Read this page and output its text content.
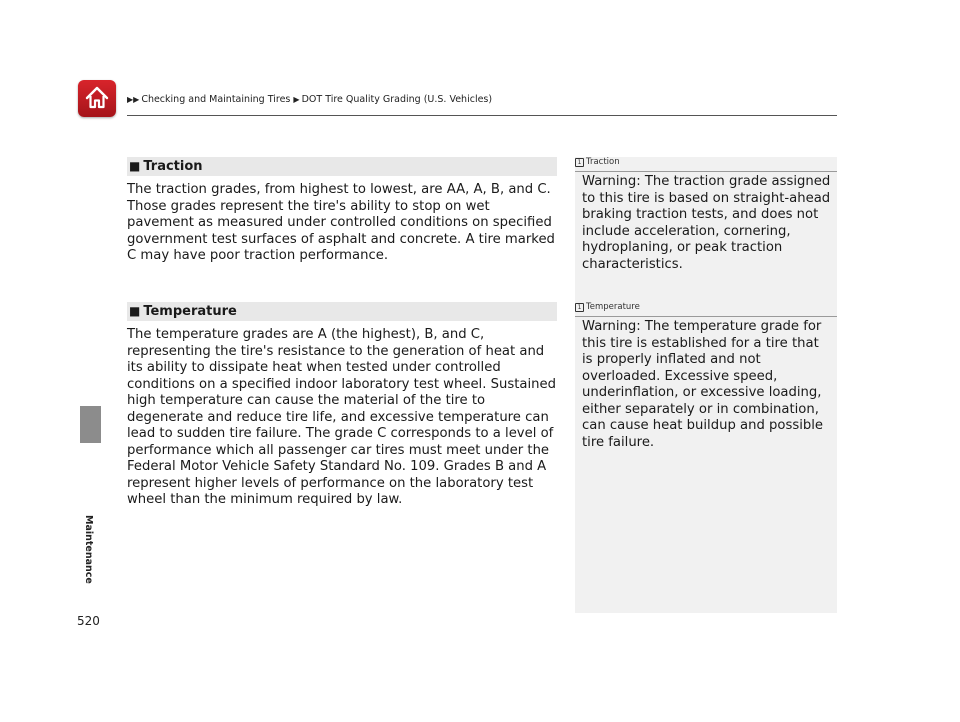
▶▶ Checking and Maintaining Tires ▶ DOT Tire Quality Grading (U.S. Vehicles)
Maintenance
520
■ Traction
The traction grades, from highest to lowest, are AA, A, B, and C. Those grades represent the tire's ability to stop on wet pavement as measured under controlled conditions on specified government test surfaces of asphalt and concrete. A tire marked C may have poor traction performance.
■ Temperature
The temperature grades are A (the highest), B, and C, representing the tire's resistance to the generation of heat and its ability to dissipate heat when tested under controlled conditions on a specified indoor laboratory test wheel. Sustained high temperature can cause the material of the tire to degenerate and reduce tire life, and excessive temperature can lead to sudden tire failure. The grade C corresponds to a level of performance which all passenger car tires must meet under the Federal Motor Vehicle Safety Standard No. 109. Grades B and A represent higher levels of performance on the laboratory test wheel than the minimum required by law.
1 Traction
Warning: The traction grade assigned to this tire is based on straight-ahead braking traction tests, and does not include acceleration, cornering, hydroplaning, or peak traction characteristics.
1 Temperature
Warning: The temperature grade for this tire is established for a tire that is properly inflated and not overloaded. Excessive speed, underinflation, or excessive loading, either separately or in combination, can cause heat buildup and possible tire failure.
